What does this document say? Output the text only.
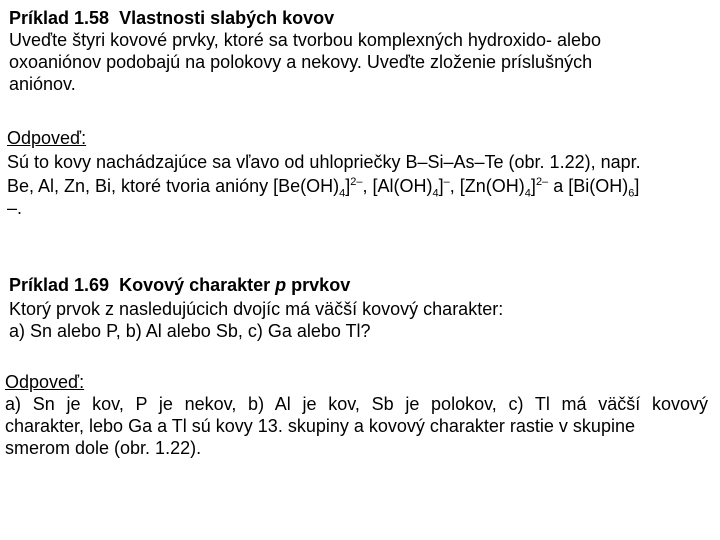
Príklad 1.58 Vlastnosti slabých kovov
Uveďte štyri kovové prvky, ktoré sa tvorbou komplexných hydroxido- alebo
oxoaniónov podobajú na polokovy a nekovy. Uveďte zloženie príslušných
aniónov.
Odpoveď:
Sú to kovy nachádzajúce sa vľavo od uhlopriečky B–Si–As–Te (obr. 1.22), napr.
Be, Al, Zn, Bi, ktoré tvoria anióny $[Be(OH)_4]^{2-}$, $[Al(OH)_4]^-$, $[Zn(OH)_4]^{2-}$ a $[Bi(OH)_6]$
–.
Príklad 1.69 Kovový charakter p prvkov
Ktorý prvok z nasledujúcich dvojíc má väčší kovový charakter:
a) Sn alebo P, b) Al alebo Sb, c) Ga alebo Tl?
Odpoveď:
a) Sn je kov, P je nekov, b) Al je kov, Sb je polokov, c) Tl má väčší kovový
charakter, lebo Ga a Tl sú kovy 13. skupiny a kovový charakter rastie v skupine
smerom dole (obr. 1.22).
